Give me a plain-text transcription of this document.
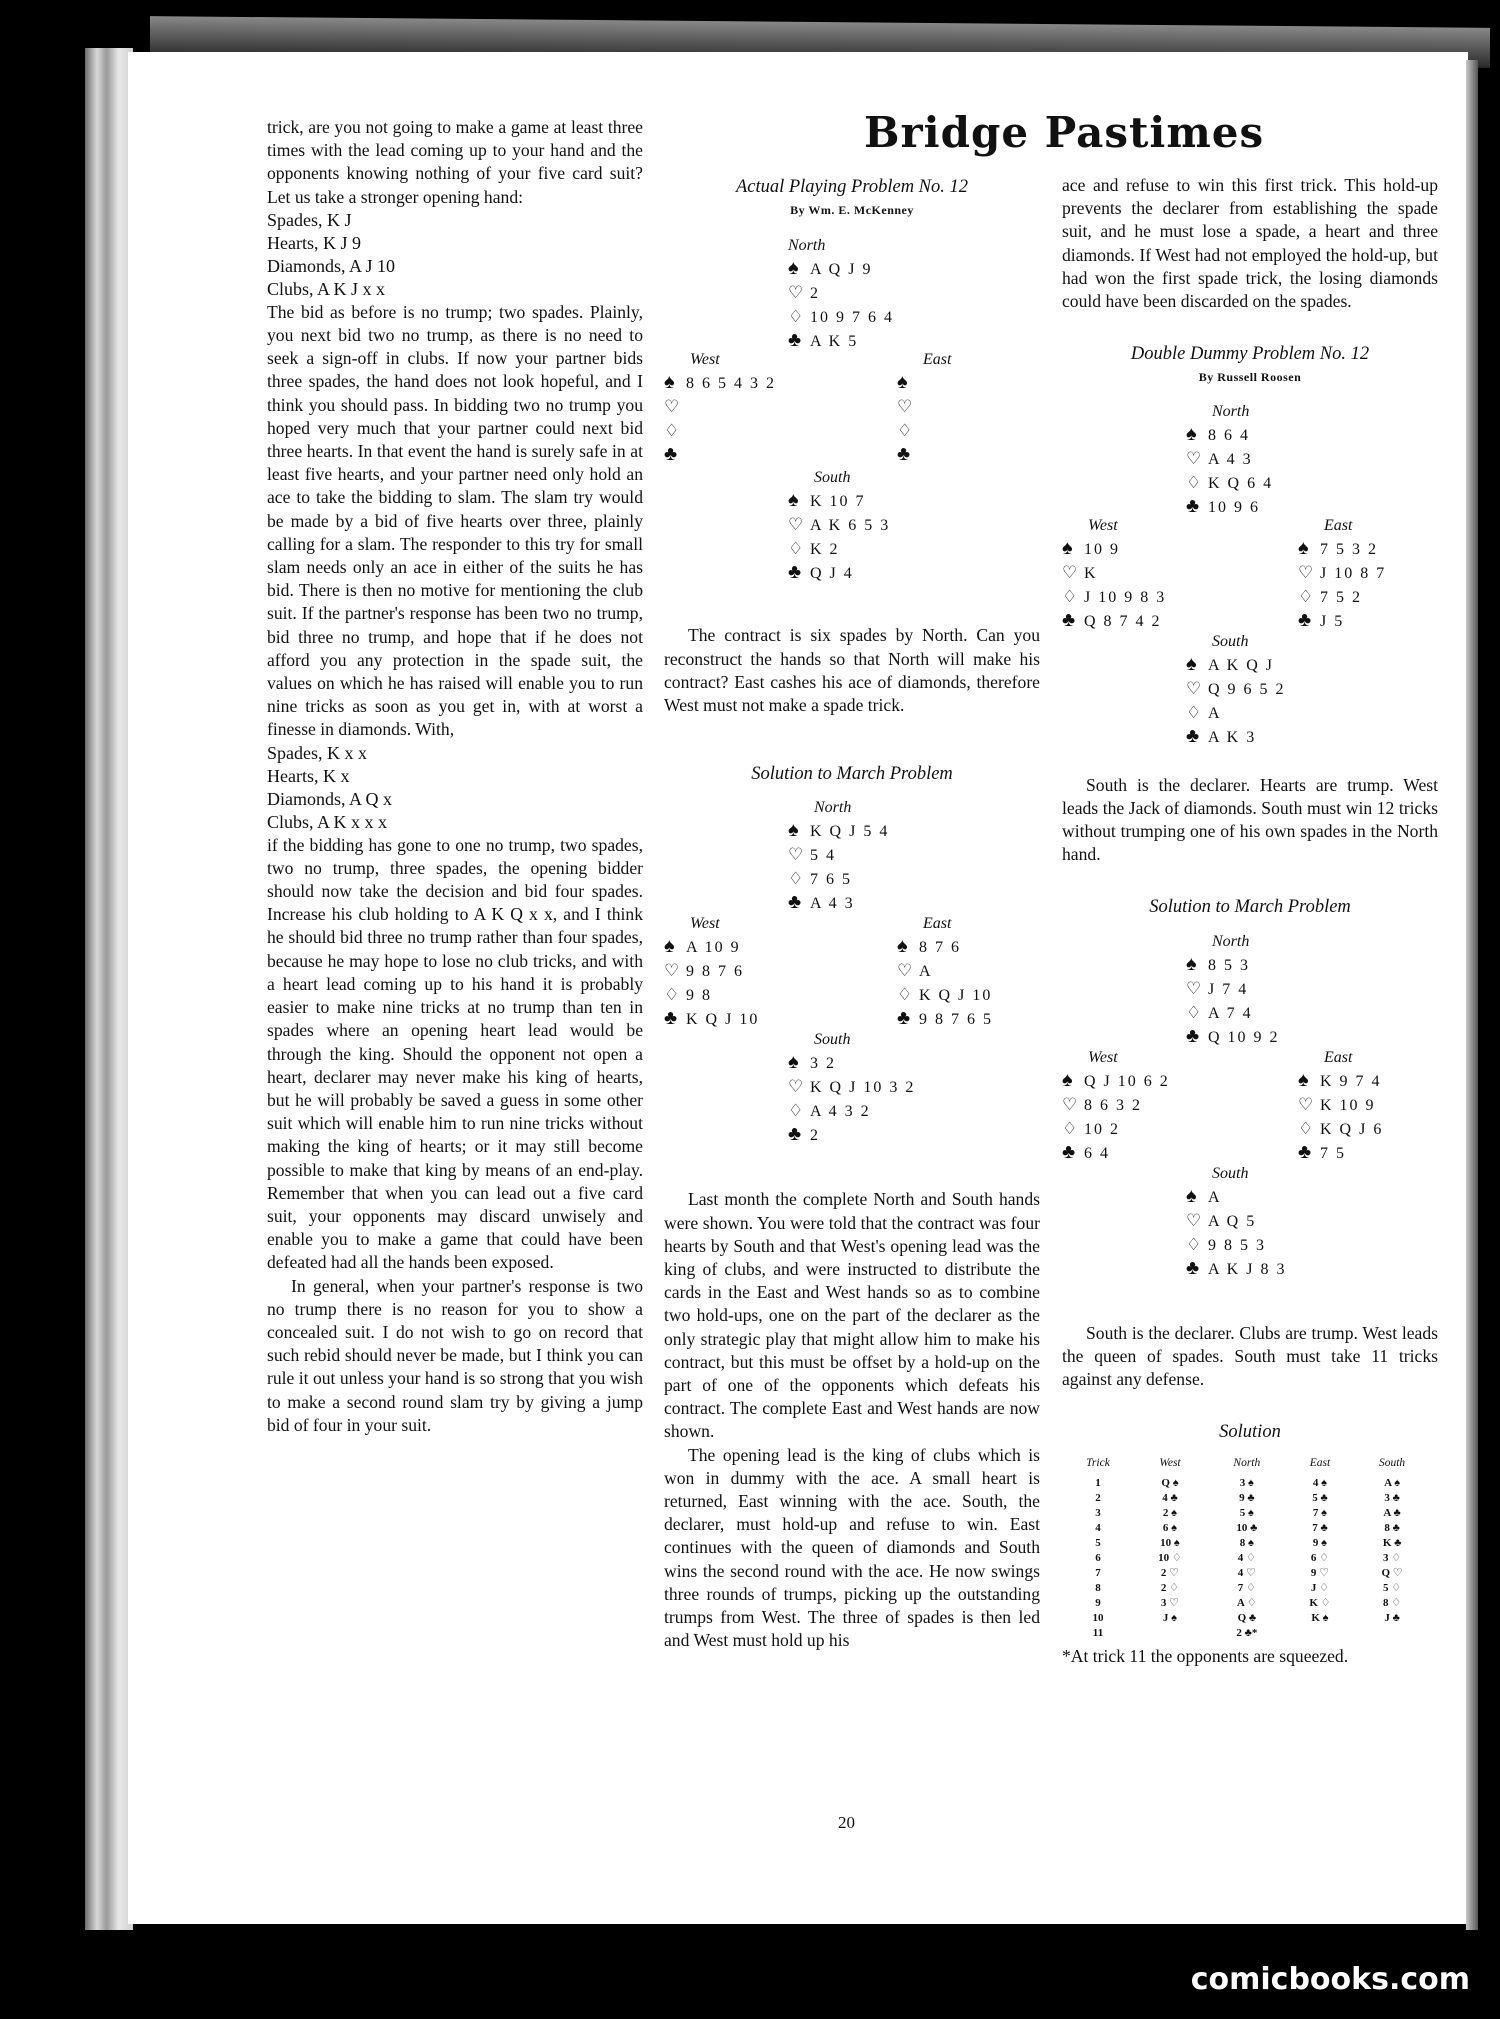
Bridge Pastimes

trick, are you not going to make a game at least three times with the lead coming up to your hand and the opponents knowing nothing of your five card suit? Let us take a stronger opening hand:

Spades, K J

Hearts, K J 9

Diamonds, A J 10

Clubs, A K J x x

The bid as before is no trump; two spades. Plainly, you next bid two no trump, as there is no need to seek a sign-off in clubs. If now your partner bids three spades, the hand does not look hopeful, and I think you should pass. In bidding two no trump you hoped very much that your partner could next bid three hearts. In that event the hand is surely safe in at least five hearts, and your partner need only hold an ace to take the bidding to slam. The slam try would be made by a bid of five hearts over three, plainly calling for a slam. The responder to this try for small slam needs only an ace in either of the suits he has bid. There is then no motive for mentioning the club suit. If the partner's response has been two no trump, bid three no trump, and hope that if he does not afford you any protection in the spade suit, the values on which he has raised will enable you to run nine tricks as soon as you get in, with at worst a finesse in diamonds. With,

Spades, K x x

Hearts, K x

Diamonds, A Q x

Clubs, A K x x x

if the bidding has gone to one no trump, two spades, two no trump, three spades, the opening bidder should now take the decision and bid four spades. Increase his club holding to A K Q x x, and I think he should bid three no trump rather than four spades, because he may hope to lose no club tricks, and with a heart lead coming up to his hand it is probably easier to make nine tricks at no trump than ten in spades where an opening heart lead would be through the king. Should the opponent not open a heart, declarer may never make his king of hearts, but he will probably be saved a guess in some other suit which will enable him to run nine tricks without making the king of hearts; or it may still become possible to make that king by means of an end-play. Remember that when you can lead out a five card suit, your opponents may discard unwisely and enable you to make a game that could have been defeated had all the hands been exposed.

In general, when your partner's response is two no trump there is no reason for you to show a concealed suit. I do not wish to go on record that such rebid should never be made, but I think you can rule it out unless your hand is so strong that you wish to make a second round slam try by giving a jump bid of four in your suit.

Actual Playing Problem No. 12

By Wm. E. McKenney

North
♠ A Q J 9
♡ 2
♢ 10 9 7 6 4
♣ A K 5
West
♠ 8 6 5 4 3 2
♡
♢
♣
East
♠
♡
♢
♣
South
♠ K 10 7
♡ A K 6 5 3
♢ K 2
♣ Q J 4

The contract is six spades by North. Can you reconstruct the hands so that North will make his contract? East cashes his ace of diamonds, therefore West must not make a spade trick.

Solution to March Problem

North
♠ K Q J 5 4
♡ 5 4
♢ 7 6 5
♣ A 4 3
West
♠ A 10 9
♡ 9 8 7 6
♢ 9 8
♣ K Q J 10
East
♠ 8 7 6
♡ A
♢ K Q J 10
♣ 9 8 7 6 5
South
♠ 3 2
♡ K Q J 10 3 2
♢ A 4 3 2
♣ 2

Last month the complete North and South hands were shown. You were told that the contract was four hearts by South and that West's opening lead was the king of clubs, and were instructed to distribute the cards in the East and West hands so as to combine two hold-ups, one on the part of the declarer as the only strategic play that might allow him to make his contract, but this must be offset by a hold-up on the part of one of the opponents which defeats his contract. The complete East and West hands are now shown.

The opening lead is the king of clubs which is won in dummy with the ace. A small heart is returned, East winning with the ace. South, the declarer, must hold-up and refuse to win. East continues with the queen of diamonds and South wins the second round with the ace. He now swings three rounds of trumps, picking up the outstanding trumps from West. The three of spades is then led and West must hold up his

ace and refuse to win this first trick. This hold-up prevents the declarer from establishing the spade suit, and he must lose a spade, a heart and three diamonds. If West had not employed the hold-up, but had won the first spade trick, the losing diamonds could have been discarded on the spades.

Double Dummy Problem No. 12

By Russell Roosen

North
♠ 8 6 4
♡ A 4 3
♢ K Q 6 4
♣ 10 9 6
West
♠ 10 9
♡ K
♢ J 10 9 8 3
♣ Q 8 7 4 2
East
♠ 7 5 3 2
♡ J 10 8 7
♢ 7 5 2
♣ J 5
South
♠ A K Q J
♡ Q 9 6 5 2
♢ A
♣ A K 3

South is the declarer. Hearts are trump. West leads the Jack of diamonds. South must win 12 tricks without trumping one of his own spades in the North hand.

Solution to March Problem

North
♠ 8 5 3
♡ J 7 4
♢ A 7 4
♣ Q 10 9 2
West
♠ Q J 10 6 2
♡ 8 6 3 2
♢ 10 2
♣ 6 4
East
♠ K 9 7 4
♡ K 10 9
♢ K Q J 6
♣ 7 5
South
♠ A
♡ A Q 5
♢ 9 8 5 3
♣ A K J 8 3

South is the declarer. Clubs are trump. West leads the queen of spades. South must take 11 tricks against any defense.

Solution

Trick	West	North	East	South
1	Q ♠	3 ♠	4 ♠	A ♠
2	4 ♣	9 ♣	5 ♣	3 ♣
3	2 ♠	5 ♠	7 ♠	A ♣
4	6 ♠	10 ♣	7 ♣	8 ♣
5	10 ♠	8 ♠	9 ♠	K ♣
6	10 ♢	4 ♢	6 ♢	3 ♢
7	2 ♡	4 ♡	9 ♡	Q ♡
8	2 ♢	7 ♢	J ♢	5 ♢
9	3 ♡	A ♢	K ♢	8 ♢
10	J ♠	Q ♣	K ♠	J ♣
11		2 ♣*		

*At trick 11 the opponents are squeezed.

20
comicbooks.com
